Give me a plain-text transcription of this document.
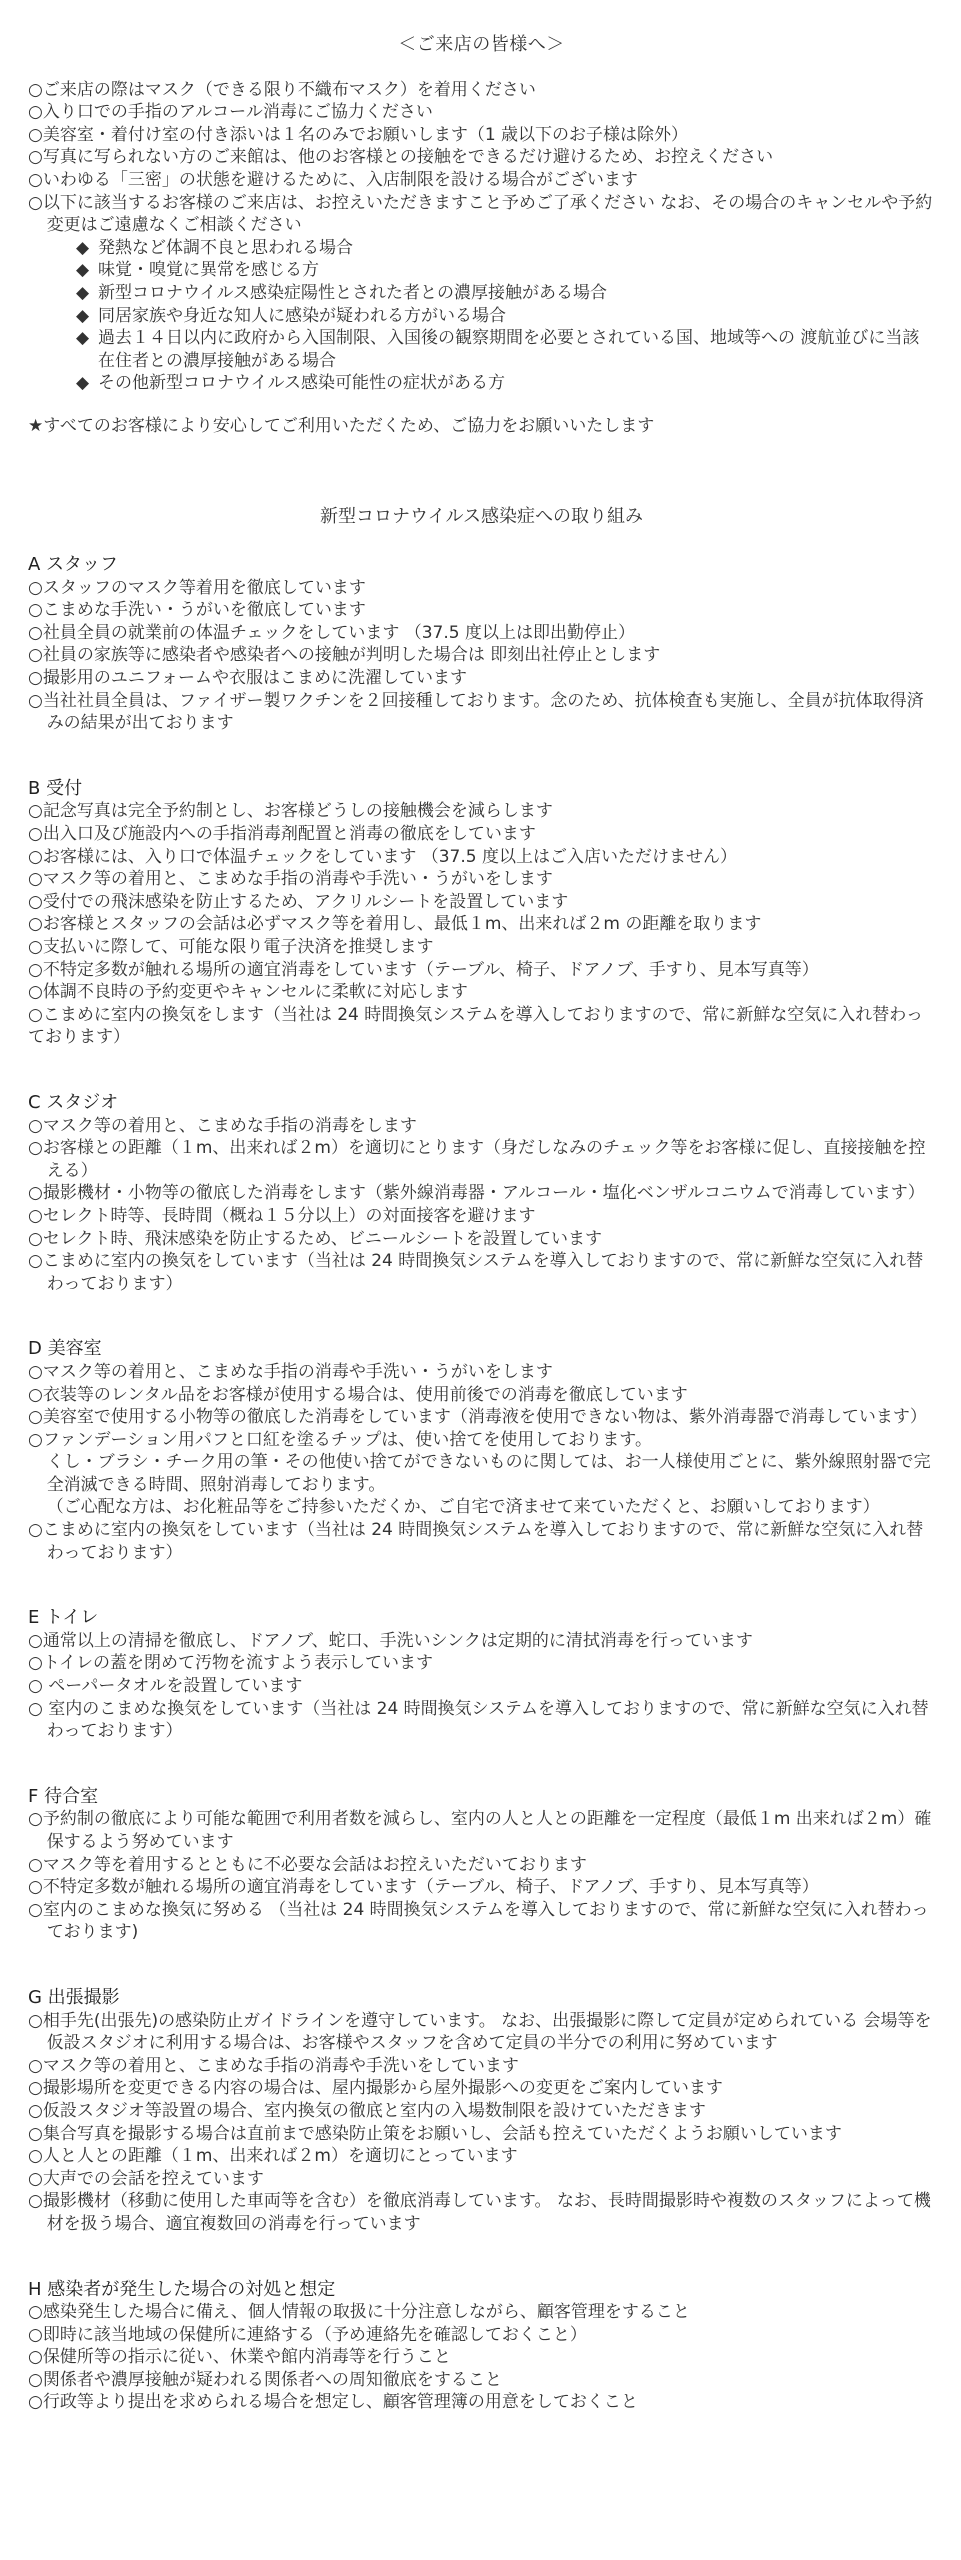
＜ご来店の皆様へ＞

○ご来店の際はマスク（できる限り不織布マスク）を着用ください

○入り口での手指のアルコール消毒にご協力ください

○美容室・着付け室の付き添いは１名のみでお願いします（1 歳以下のお子様は除外）

○写真に写られない方のご来館は、他のお客様との接触をできるだけ避けるため、お控えください

○いわゆる「三密」の状態を避けるために、入店制限を設ける場合がございます

○以下に該当するお客様のご来店は、お控えいただきますこと予めご了承ください なお、その場合のキャンセルや予約変更はご遠慮なくご相談ください

◆ 発熱など体調不良と思われる場合

◆ 味覚・嗅覚に異常を感じる方

◆ 新型コロナウイルス感染症陽性とされた者との濃厚接触がある場合

◆ 同居家族や身近な知人に感染が疑われる方がいる場合

◆ 過去１４日以内に政府から入国制限、入国後の観察期間を必要とされている国、地域等への 渡航並びに当該在住者との濃厚接触がある場合

◆ その他新型コロナウイルス感染可能性の症状がある方

★すべてのお客様により安心してご利用いただくため、ご協力をお願いいたします

新型コロナウイルス感染症への取り組み

A スタッフ

○スタッフのマスク等着用を徹底しています

○こまめな手洗い・うがいを徹底しています

○社員全員の就業前の体温チェックをしています （37.5 度以上は即出勤停止）

○社員の家族等に感染者や感染者への接触が判明した場合は 即刻出社停止とします

○撮影用のユニフォームや衣服はこまめに洗濯しています

○当社社員全員は、ファイザー製ワクチンを２回接種しております。念のため、抗体検査も実施し、全員が抗体取得済みの結果が出ております

B 受付

○記念写真は完全予約制とし、お客様どうしの接触機会を減らします

○出入口及び施設内への手指消毒剤配置と消毒の徹底をしています

○お客様には、入り口で体温チェックをしています （37.5 度以上はご入店いただけません）

○マスク等の着用と、こまめな手指の消毒や手洗い・うがいをします

○受付での飛沫感染を防止するため、アクリルシートを設置しています

○お客様とスタッフの会話は必ずマスク等を着用し、最低１m、出来れば２m の距離を取ります

○支払いに際して、可能な限り電子決済を推奨します

○不特定多数が触れる場所の適宜消毒をしています（テーブル、椅子、ドアノブ、手すり、見本写真等）

○体調不良時の予約変更やキャンセルに柔軟に対応します

○こまめに室内の換気をします（当社は 24 時間換気システムを導入しておりますので、常に新鮮な空気に入れ替わっております）

C スタジオ

○マスク等の着用と、こまめな手指の消毒をします

○お客様との距離（１m、出来れば２m）を適切にとります（身だしなみのチェック等をお客様に促し、直接接触を控える）

○撮影機材・小物等の徹底した消毒をします（紫外線消毒器・アルコール・塩化ベンザルコニウムで消毒しています）

○セレクト時等、長時間（概ね１５分以上）の対面接客を避けます

○セレクト時、飛沫感染を防止するため、ビニールシートを設置しています

○こまめに室内の換気をしています（当社は 24 時間換気システムを導入しておりますので、常に新鮮な空気に入れ替わっております）

D 美容室

○マスク等の着用と、こまめな手指の消毒や手洗い・うがいをします

○衣装等のレンタル品をお客様が使用する場合は、使用前後での消毒を徹底しています

○美容室で使用する小物等の徹底した消毒をしています（消毒液を使用できない物は、紫外消毒器で消毒しています）

○ファンデーション用パフと口紅を塗るチップは、使い捨てを使用しております。

くし・ブラシ・チーク用の筆・その他使い捨てができないものに関しては、お一人様使用ごとに、紫外線照射器で完全消滅できる時間、照射消毒しております。

（ご心配な方は、お化粧品等をご持参いただくか、ご自宅で済ませて来ていただくと、お願いしております）

○こまめに室内の換気をしています（当社は 24 時間換気システムを導入しておりますので、常に新鮮な空気に入れ替わっております）

E トイレ

○通常以上の清掃を徹底し、ドアノブ、蛇口、手洗いシンクは定期的に清拭消毒を行っています

○トイレの蓋を閉めて汚物を流すよう表示しています

○ ペーパータオルを設置しています

○ 室内のこまめな換気をしています（当社は 24 時間換気システムを導入しておりますので、常に新鮮な空気に入れ替わっております）

F 待合室

○予約制の徹底により可能な範囲で利用者数を減らし、室内の人と人との距離を一定程度（最低１m 出来れば２m）確保するよう努めています

○マスク等を着用するとともに不必要な会話はお控えいただいております

○不特定多数が触れる場所の適宜消毒をしています（テーブル、椅子、ドアノブ、手すり、見本写真等）

○室内のこまめな換気に努める （当社は 24 時間換気システムを導入しておりますので、常に新鮮な空気に入れ替わっております)

G 出張撮影

○相手先(出張先)の感染防止ガイドラインを遵守しています。 なお、出張撮影に際して定員が定められている 会場等を仮設スタジオに利用する場合は、お客様やスタッフを含めて定員の半分での利用に努めています

○マスク等の着用と、こまめな手指の消毒や手洗いをしています

○撮影場所を変更できる内容の場合は、屋内撮影から屋外撮影への変更をご案内しています

○仮設スタジオ等設置の場合、室内換気の徹底と室内の入場数制限を設けていただきます

○集合写真を撮影する場合は直前まで感染防止策をお願いし、会話も控えていただくようお願いしています

○人と人との距離（１m、出来れば２m）を適切にとっています

○大声での会話を控えています

○撮影機材（移動に使用した車両等を含む）を徹底消毒しています。 なお、長時間撮影時や複数のスタッフによって機材を扱う場合、適宜複数回の消毒を行っています

H 感染者が発生した場合の対処と想定

○感染発生した場合に備え、個人情報の取扱に十分注意しながら、顧客管理をすること

○即時に該当地域の保健所に連絡する（予め連絡先を確認しておくこと）

○保健所等の指示に従い、休業や館内消毒等を行うこと

○関係者や濃厚接触が疑われる関係者への周知徹底をすること

○行政等より提出を求められる場合を想定し、顧客管理簿の用意をしておくこと
